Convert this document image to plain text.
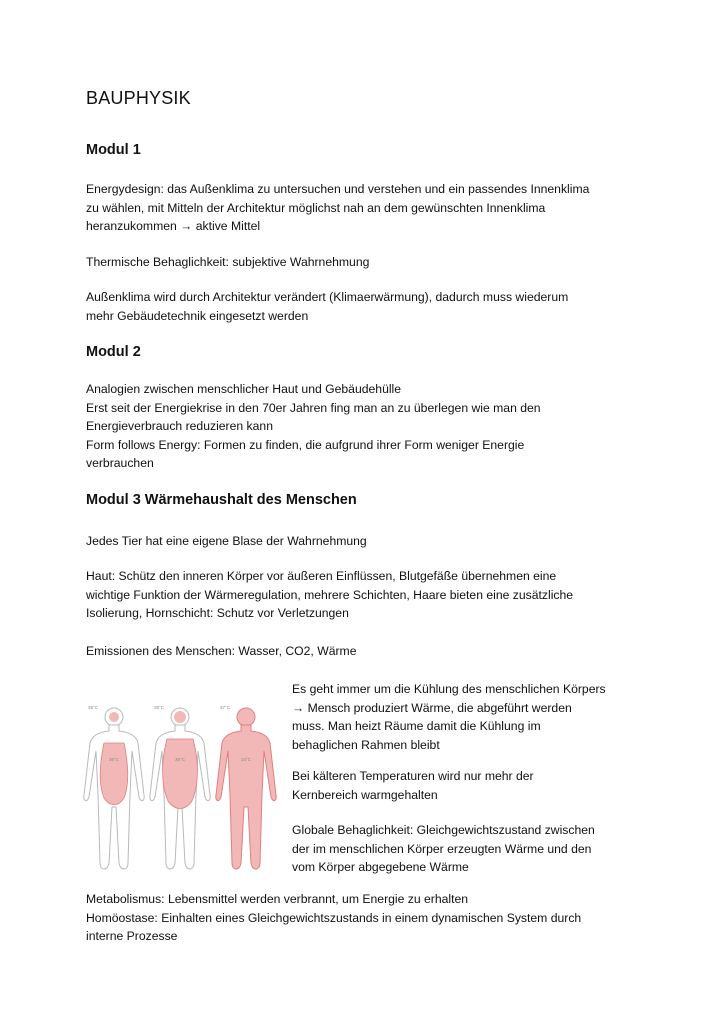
BAUPHYSIK
Modul 1

Energydesign: das Außenklima zu untersuchen und verstehen und ein passendes Innenklima
zu wählen, mit Mitteln der Architektur möglichst nah an dem gewünschten Innenklima
heranzukommen → aktive Mittel

Thermische Behaglichkeit: subjektive Wahrnehmung

Außenklima wird durch Architektur verändert (Klimaerwärmung), dadurch muss wiederum
mehr Gebäudetechnik eingesetzt werden

Modul 2

Analogien zwischen menschlicher Haut und Gebäudehülle
Erst seit der Energiekrise in den 70er Jahren fing man an zu überlegen wie man den
Energieverbrauch reduzieren kann
Form follows Energy: Formen zu finden, die aufgrund ihrer Form weniger Energie
verbrauchen

Modul 3 Wärmehaushalt des Menschen

Jedes Tier hat eine eigene Blase der Wahrnehmung

Haut: Schütz den inneren Körper vor äußeren Einflüssen, Blutgefäße übernehmen eine
wichtige Funktion der Wärmeregulation, mehrere Schichten, Haare bieten eine zusätzliche
Isolierung, Hornschicht: Schutz vor Verletzungen

Emissionen des Menschen: Wasser, CO2, Wärme

35°C
36°C
28°C
36°C
37°C
34°C

Es geht immer um die Kühlung des menschlichen Körpers
→ Mensch produziert Wärme, die abgeführt werden
muss. Man heizt Räume damit die Kühlung im
behaglichen Rahmen bleibt

Bei kälteren Temperaturen wird nur mehr der
Kernbereich warmgehalten

Globale Behaglichkeit: Gleichgewichtszustand zwischen
der im menschlichen Körper erzeugten Wärme und den
vom Körper abgegebene Wärme

Metabolismus: Lebensmittel werden verbrannt, um Energie zu erhalten
Homöostase: Einhalten eines Gleichgewichtszustands in einem dynamischen System durch
interne Prozesse
